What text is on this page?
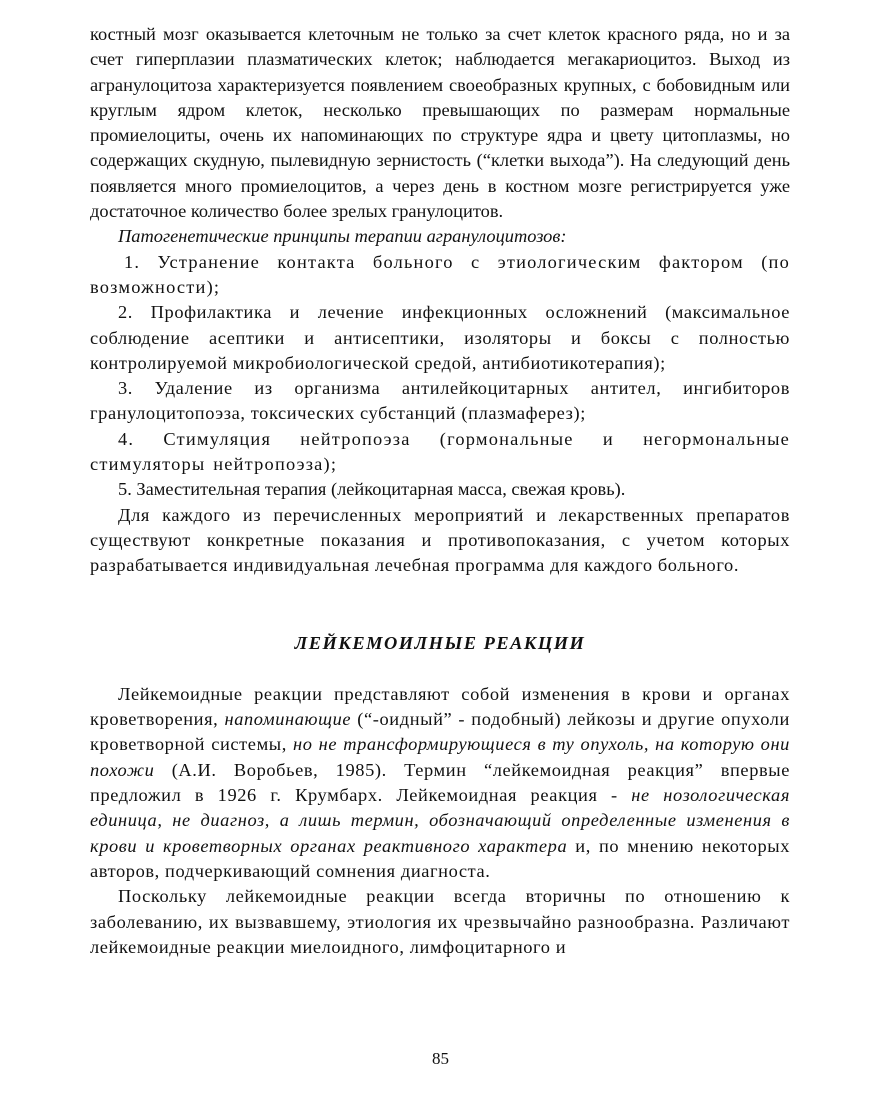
костный мозг оказывается клеточным не только за счет клеток красного ряда, но и за счет гиперплазии плазматических клеток; наблюдается мегакариоцитоз. Выход из агранулоцитоза характеризуется появлением своеобразных крупных, с бобовидным или круглым ядром клеток, несколько превышающих по размерам нормальные промиелоциты, очень их напоминающих по структуре ядра и цвету цитоплазмы, но содержащих скудную, пылевидную зернистость (“клетки выхода”). На следующий день появляется много промиелоцитов, а через день в костном мозге регистрируется уже достаточное количество более зрелых гранулоцитов.

Патогенетические принципы терапии агранулоцитозов:

1. Устранение контакта больного с этиологическим фактором (по возможности);

2. Профилактика и лечение инфекционных осложнений (максимальное соблюдение асептики и антисептики, изоляторы и боксы с полностью контролируемой микробиологической средой, антибиотикотерапия);

3. Удаление из организма антилейкоцитарных антител, ингибиторов гранулоцитопоэза, токсических субстанций (плазмаферез);

4. Стимуляция нейтропоэза (гормональные и негормональные стимуляторы нейтропоэза);

5. Заместительная терапия (лейкоцитарная масса, свежая кровь).

Для каждого из перечисленных мероприятий и лекарственных препаратов существуют конкретные показания и противопоказания, с учетом которых разрабатывается индивидуальная лечебная программа для каждого больного.

ЛЕЙКЕМОИЛНЫЕ РЕАКЦИИ

Лейкемоидные реакции представляют собой изменения в крови и органах кроветворения, напоминающие (“-оидный” - подобный) лейкозы и другие опухоли кроветворной системы, но не трансформирующиеся в ту опухоль, на которую они похожи (А.И. Воробьев, 1985). Термин “лейкемоидная реакция” впервые предложил в 1926 г. Крумбарх. Лейкемоидная реакция - не нозологическая единица, не диагноз, а лишь термин, обозначающий определенные изменения в крови и кроветворных органах реактивного характера и, по мнению некоторых авторов, подчеркивающий сомнения диагноста.

Поскольку лейкемоидные реакции всегда вторичны по отношению к заболеванию, их вызвавшему, этиология их чрезвычайно разнообразна. Различают лейкемоидные реакции миелоидного, лимфоцитарного и

85
